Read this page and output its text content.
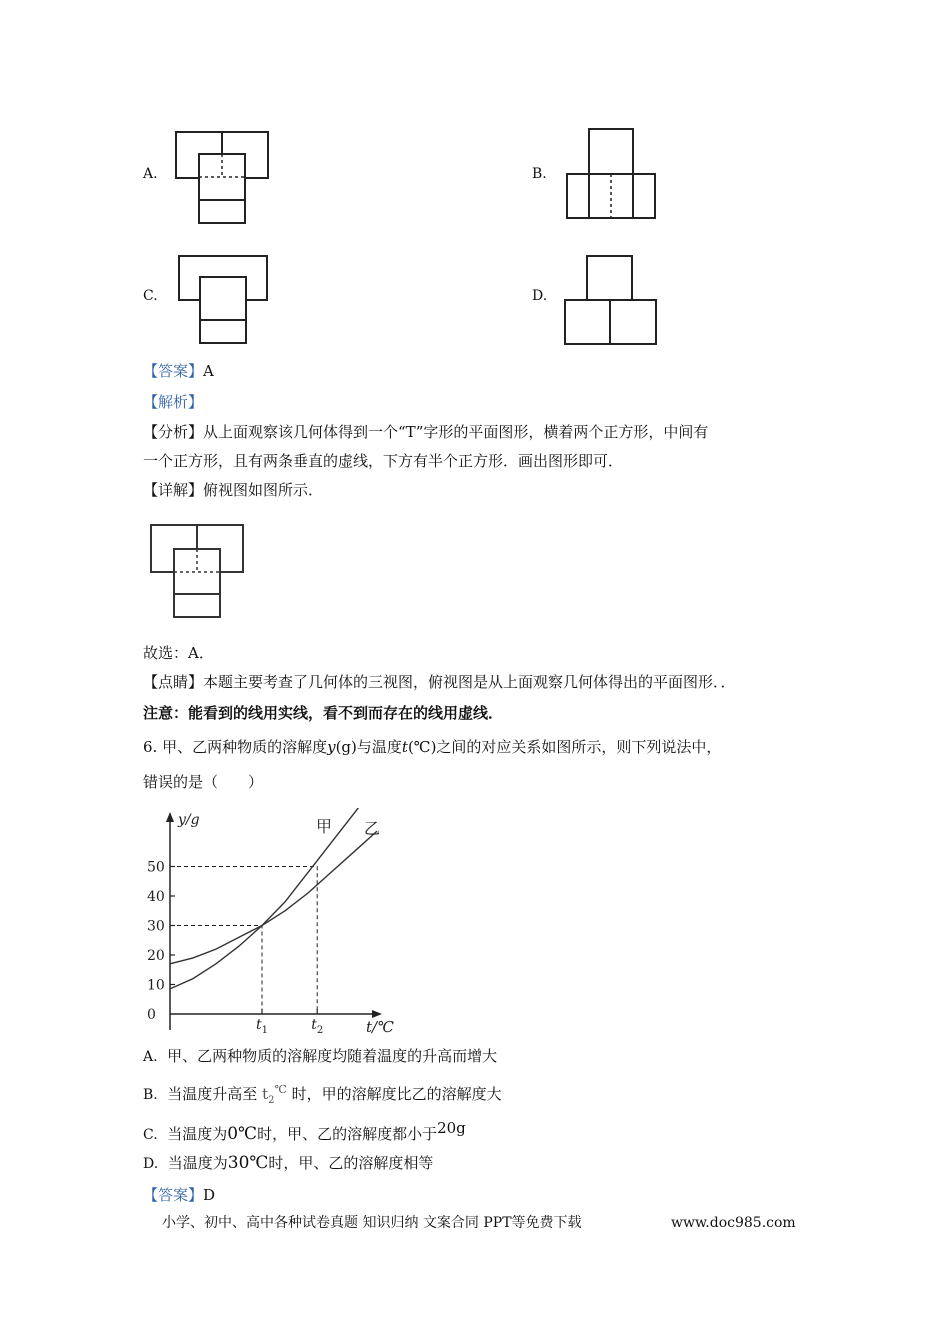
A.	B.
C.	D.
【答案】A
【解析】
【分析】从上面观察该几何体得到一个“T”字形的平面图形，横着两个正方形，中间有
一个正方形，且有两条垂直的虚线，下方有半个正方形．画出图形即可．
【详解】俯视图如图所示．
故选：A．
【点睛】本题主要考查了几何体的三视图，俯视图是从上面观察几何体得出的平面图形．．
注意：能看到的线用实线，看不到而存在的线用虚线．
6. 甲、乙两种物质的溶解度y(g)与温度t(℃)之间的对应关系如图所示，则下列说法中，
错误的是（　　）
0
10
20
30
40
50
y/g
t/℃
$t_1$	$t_2$
甲 乙
A. 甲、乙两种物质的溶解度均随着温度的升高而增大
B. 当温度升高至 $t_2^℃$ 时，甲的溶解度比乙的溶解度大
C. 当温度为0℃时，甲、乙的溶解度都小于$^{20g}$
D. 当温度为30℃时，甲、乙的溶解度相等
【答案】D
小学、初中、高中各种试卷真题 知识归纳 文案合同 PPT等免费下载	www.doc985.com
